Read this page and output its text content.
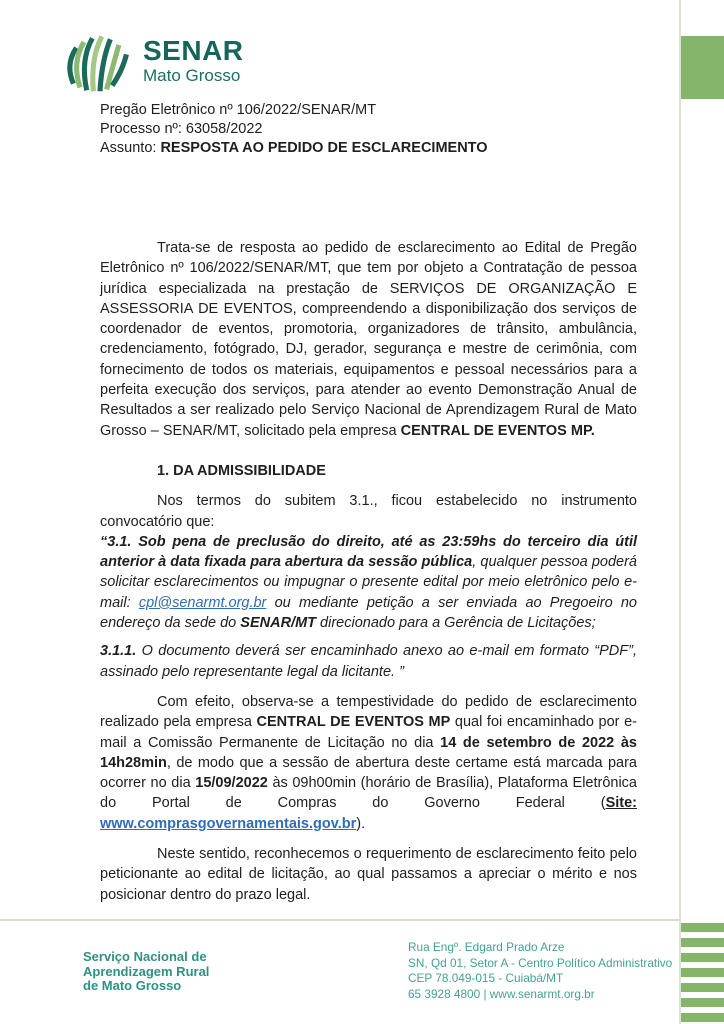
SENAR
Mato Grosso
Pregão Eletrônico nº 106/2022/SENAR/MT
Processo nº: 63058/2022
Assunto: RESPOSTA AO PEDIDO DE ESCLARECIMENTO

Trata-se de resposta ao pedido de esclarecimento ao Edital de Pregão Eletrônico nº 106/2022/SENAR/MT, que tem por objeto a Contratação de pessoa jurídica especializada na prestação de SERVIÇOS DE ORGANIZAÇÃO E ASSESSORIA DE EVENTOS, compreendendo a disponibilização dos serviços de coordenador de eventos, promotoria, organizadores de trânsito, ambulância, credenciamento, fotógrado, DJ, gerador, segurança e mestre de cerimônia, com fornecimento de todos os materiais, equipamentos e pessoal necessários para a perfeita execução dos serviços, para atender ao evento Demonstração Anual de Resultados a ser realizado pelo Serviço Nacional de Aprendizagem Rural de Mato Grosso – SENAR/MT, solicitado pela empresa CENTRAL DE EVENTOS MP.

1. DA ADMISSIBILIDADE

Nos termos do subitem 3.1., ficou estabelecido no instrumento convocatório que:

“3.1. Sob pena de preclusão do direito, até as 23:59hs do terceiro dia útil anterior à data fixada para abertura da sessão pública, qualquer pessoa poderá solicitar esclarecimentos ou impugnar o presente edital por meio eletrônico pelo e-mail: cpl@senarmt.org.br ou mediante petição a ser enviada ao Pregoeiro no endereço da sede do SENAR/MT direcionado para a Gerência de Licitações;

3.1.1. O documento deverá ser encaminhado anexo ao e-mail em formato “PDF”, assinado pelo representante legal da licitante. ”

Com efeito, observa-se a tempestividade do pedido de esclarecimento realizado pela empresa CENTRAL DE EVENTOS MP qual foi encaminhado por e-mail a Comissão Permanente de Licitação no dia 14 de setembro de 2022 às 14h28min, de modo que a sessão de abertura deste certame está marcada para ocorrer no dia 15/09/2022 às 09h00min (horário de Brasília), Plataforma Eletrônica do Portal de Compras do Governo Federal (Site: www.comprasgovernamentais.gov.br).

Neste sentido, reconhecemos o requerimento de esclarecimento feito pelo peticionante ao edital de licitação, ao qual passamos a apreciar o mérito e nos posicionar dentro do prazo legal.

Serviço Nacional de
Aprendizagem Rural
de Mato Grosso
Rua Engº. Edgard Prado Arze
SN, Qd 01, Setor A - Centro Político Administrativo
CEP 78.049-015 - Cuiabá/MT
65 3928 4800 | www.senarmt.org.br
